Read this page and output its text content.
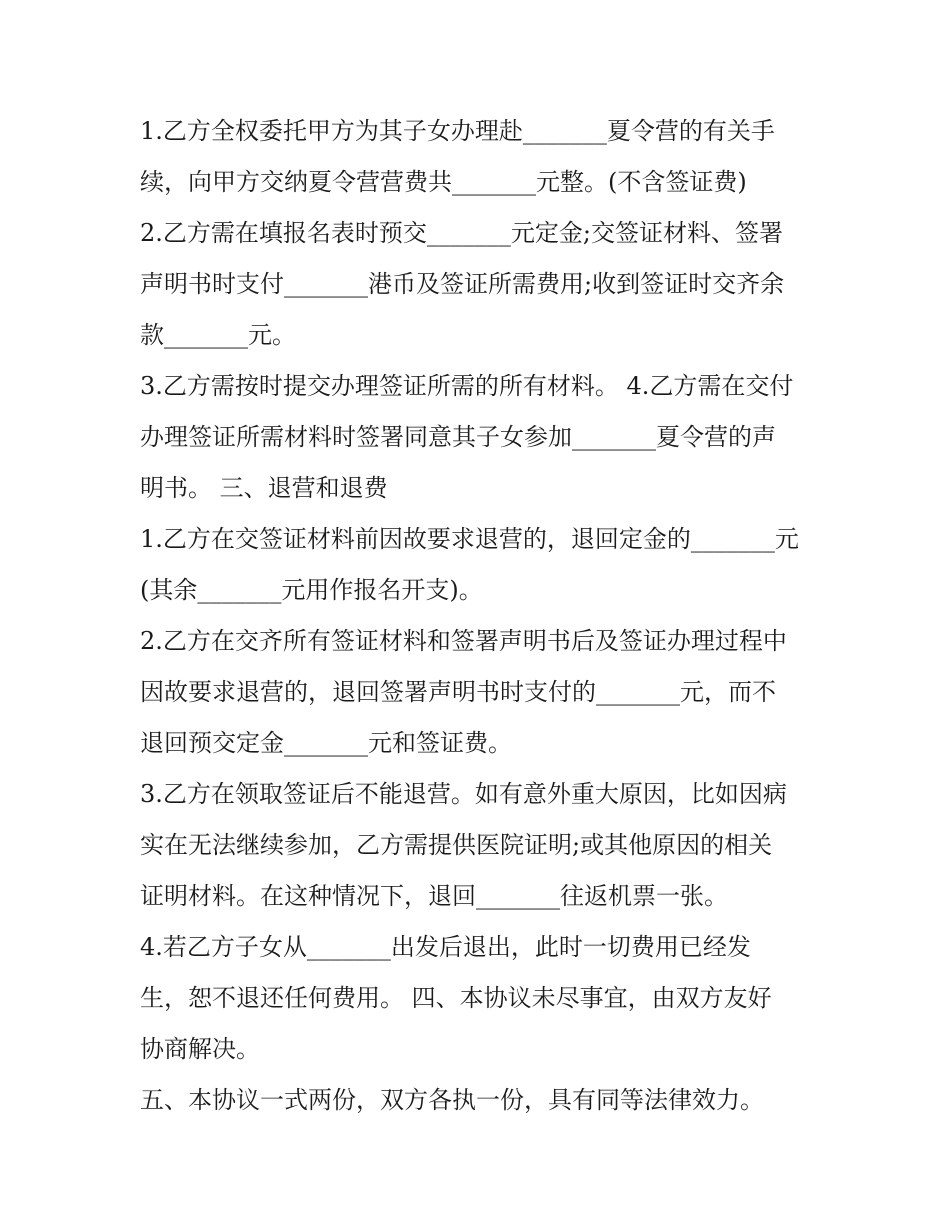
1.乙方全权委托甲方为其子女办理赴_______夏令营的有关手
续，向甲方交纳夏令营营费共_______元整。(不含签证费)
2.乙方需在填报名表时预交_______元定金;交签证材料、签署
声明书时支付_______港币及签证所需费用;收到签证时交齐余
款_______元。
3.乙方需按时提交办理签证所需的所有材料。 4.乙方需在交付
办理签证所需材料时签署同意其子女参加_______夏令营的声
明书。 三、退营和退费
1.乙方在交签证材料前因故要求退营的，退回定金的_______元
(其余_______元用作报名开支)。
2.乙方在交齐所有签证材料和签署声明书后及签证办理过程中
因故要求退营的，退回签署声明书时支付的_______元，而不
退回预交定金_______元和签证费。
3.乙方在领取签证后不能退营。如有意外重大原因，比如因病
实在无法继续参加，乙方需提供医院证明;或其他原因的相关
证明材料。在这种情况下，退回_______往返机票一张。
4.若乙方子女从_______出发后退出，此时一切费用已经发
生，恕不退还任何费用。 四、本协议未尽事宜，由双方友好
协商解决。
五、本协议一式两份，双方各执一份，具有同等法律效力。
